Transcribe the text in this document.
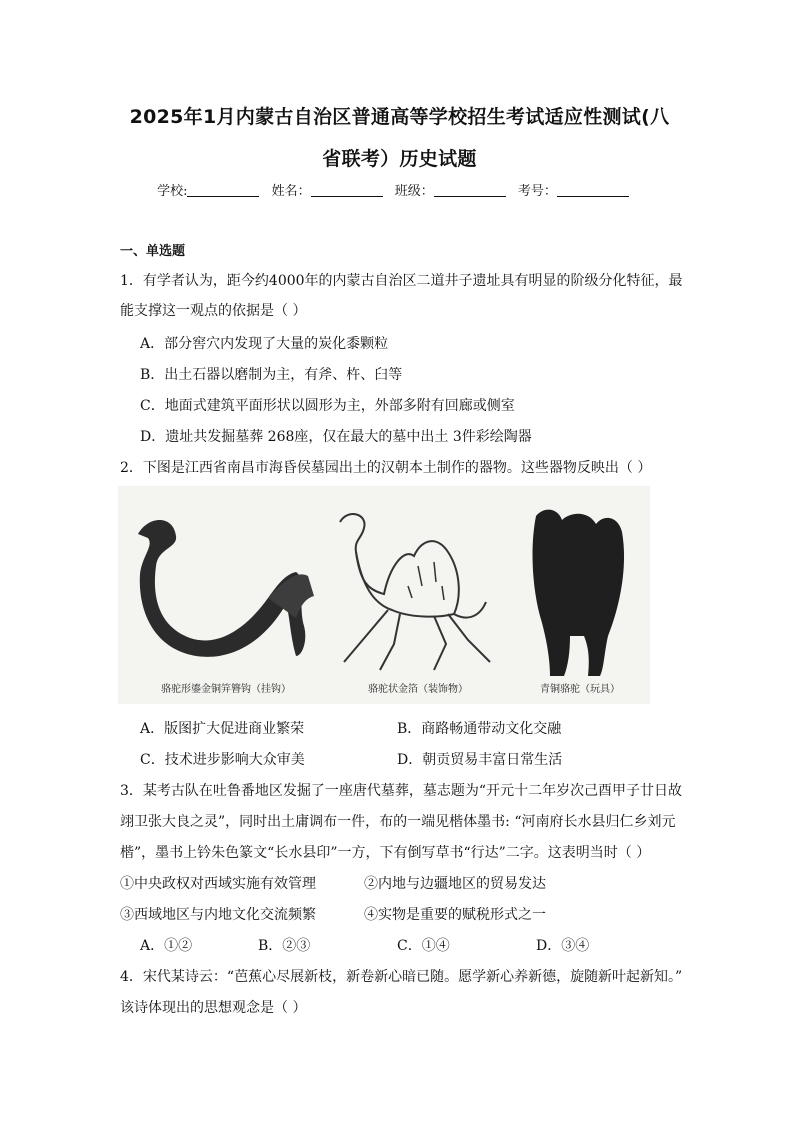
2025年1月内蒙古自治区普通高等学校招生考试适应性测试(八
省联考）历史试题
学校:	姓名：	班级：	考号：
一、单选题
1．有学者认为，距今约4000年的内蒙古自治区二道井子遗址具有明显的阶级分化特征，最
能支撑这一观点的依据是（ ）
A．部分窖穴内发现了大量的炭化黍颗粒
B．出土石器以磨制为主，有斧、杵、臼等
C．地面式建筑平面形状以圆形为主，外部多附有回廊或侧室
D．遗址共发掘墓葬 268座，仅在最大的墓中出土 3件彩绘陶器
2．下图是江西省南昌市海昏侯墓园出土的汉朝本土制作的器物。这些器物反映出（ ）
骆驼形鎏金铜笄簪钩（挂钩）	骆驼状金箔（装饰物）	青铜骆驼（玩具）
A．版图扩大促进商业繁荣	B．商路畅通带动文化交融
C．技术进步影响大众审美	D．朝贡贸易丰富日常生活
3．某考古队在吐鲁番地区发掘了一座唐代墓葬，墓志题为“开元十二年岁次己酉甲子廿日故
翊卫张大良之灵”，同时出土庸调布一件，布的一端见楷体墨书: “河南府长水县归仁乡刘元
楷”，墨书上钤朱色篆文“长水县印”一方，下有倒写草书“行达”二字。这表明当时（ ）
①中央政权对西域实施有效管理	②内地与边疆地区的贸易发达
③西域地区与内地文化交流频繁	④实物是重要的赋税形式之一
A．①②	B．②③	C．①④	D．③④
4．宋代某诗云：“芭蕉心尽展新枝，新卷新心暗已随。愿学新心养新德，旋随新叶起新知。”
该诗体现出的思想观念是（ ）
